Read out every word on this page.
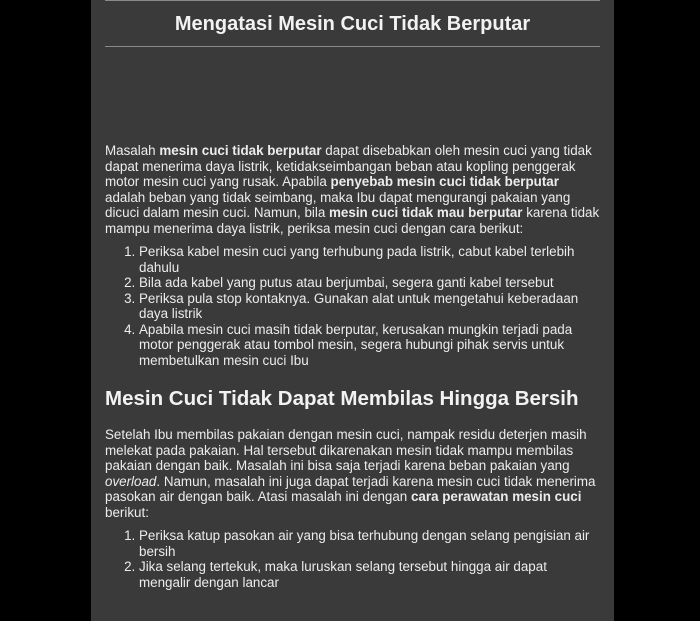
Mengatasi Mesin Cuci Tidak Berputar

Masalah mesin cuci tidak berputar dapat disebabkan oleh mesin cuci yang tidak dapat menerima daya listrik, ketidakseimbangan beban atau kopling penggerak motor mesin cuci yang rusak. Apabila penyebab mesin cuci tidak berputar adalah beban yang tidak seimbang, maka Ibu dapat mengurangi pakaian yang dicuci dalam mesin cuci. Namun, bila mesin cuci tidak mau berputar karena tidak mampu menerima daya listrik, periksa mesin cuci dengan cara berikut:

1. Periksa kabel mesin cuci yang terhubung pada listrik, cabut kabel terlebih dahulu
2. Bila ada kabel yang putus atau berjumbai, segera ganti kabel tersebut
3. Periksa pula stop kontaknya. Gunakan alat untuk mengetahui keberadaan daya listrik
4. Apabila mesin cuci masih tidak berputar, kerusakan mungkin terjadi pada motor penggerak atau tombol mesin, segera hubungi pihak servis untuk membetulkan mesin cuci Ibu
Mesin Cuci Tidak Dapat Membilas Hingga Bersih

Setelah Ibu membilas pakaian dengan mesin cuci, nampak residu deterjen masih melekat pada pakaian. Hal tersebut dikarenakan mesin tidak mampu membilas pakaian dengan baik. Masalah ini bisa saja terjadi karena beban pakaian yang overload. Namun, masalah ini juga dapat terjadi karena mesin cuci tidak menerima pasokan air dengan baik. Atasi masalah ini dengan cara perawatan mesin cuci berikut:

1. Periksa katup pasokan air yang bisa terhubung dengan selang pengisian air bersih
2. Jika selang tertekuk, maka luruskan selang tersebut hingga air dapat mengalir dengan lancar
